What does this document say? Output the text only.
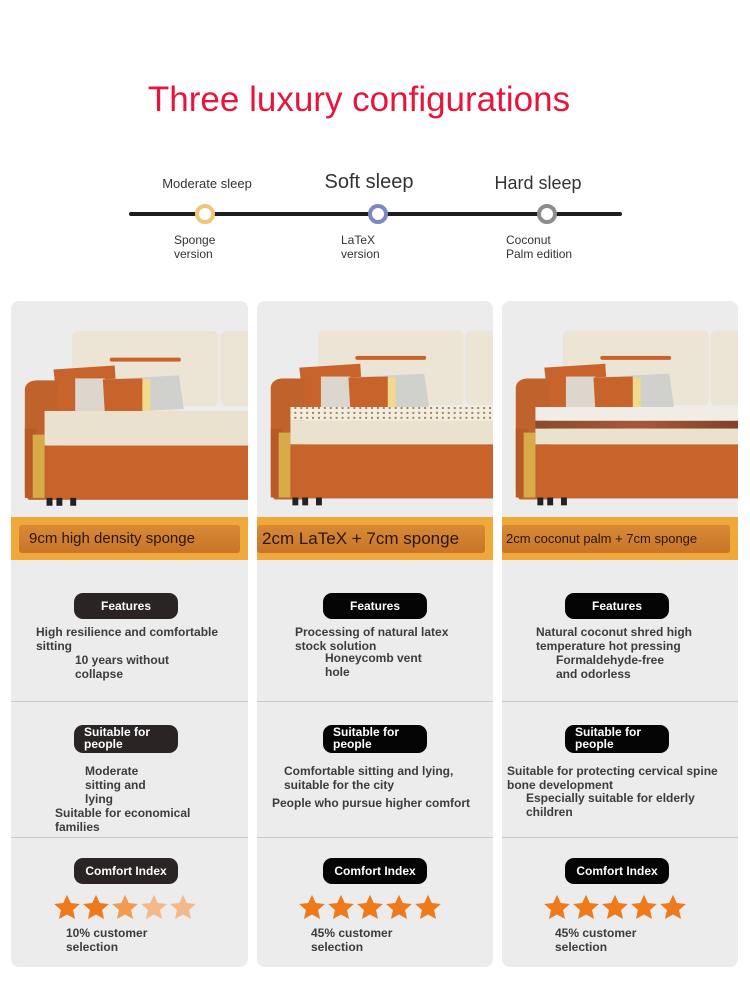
Three luxury configurations
Moderate sleep
Sponge
version
Soft sleep
LaTeX
version
Hard sleep
Coconut
Palm edition
9cm high density sponge
Features
High resilience and comfortable sitting
10 years without collapse
Suitable for
people
Moderate sitting and lying
Suitable for economical families
Comfort Index
10% customer
selection
2cm LaTeX + 7cm sponge
Features
Processing of natural latex stock solution
Honeycomb vent hole
Suitable for
people
Comfortable sitting and lying, suitable for the city
People who pursue higher comfort
Comfort Index
45% customer
selection
2cm coconut palm + 7cm sponge
Features
Natural coconut shred high temperature hot pressing
Formaldehyde-free and odorless
Suitable for
people
Suitable for protecting cervical spine bone development
Especially suitable for elderly children
Comfort Index
45% customer
selection
